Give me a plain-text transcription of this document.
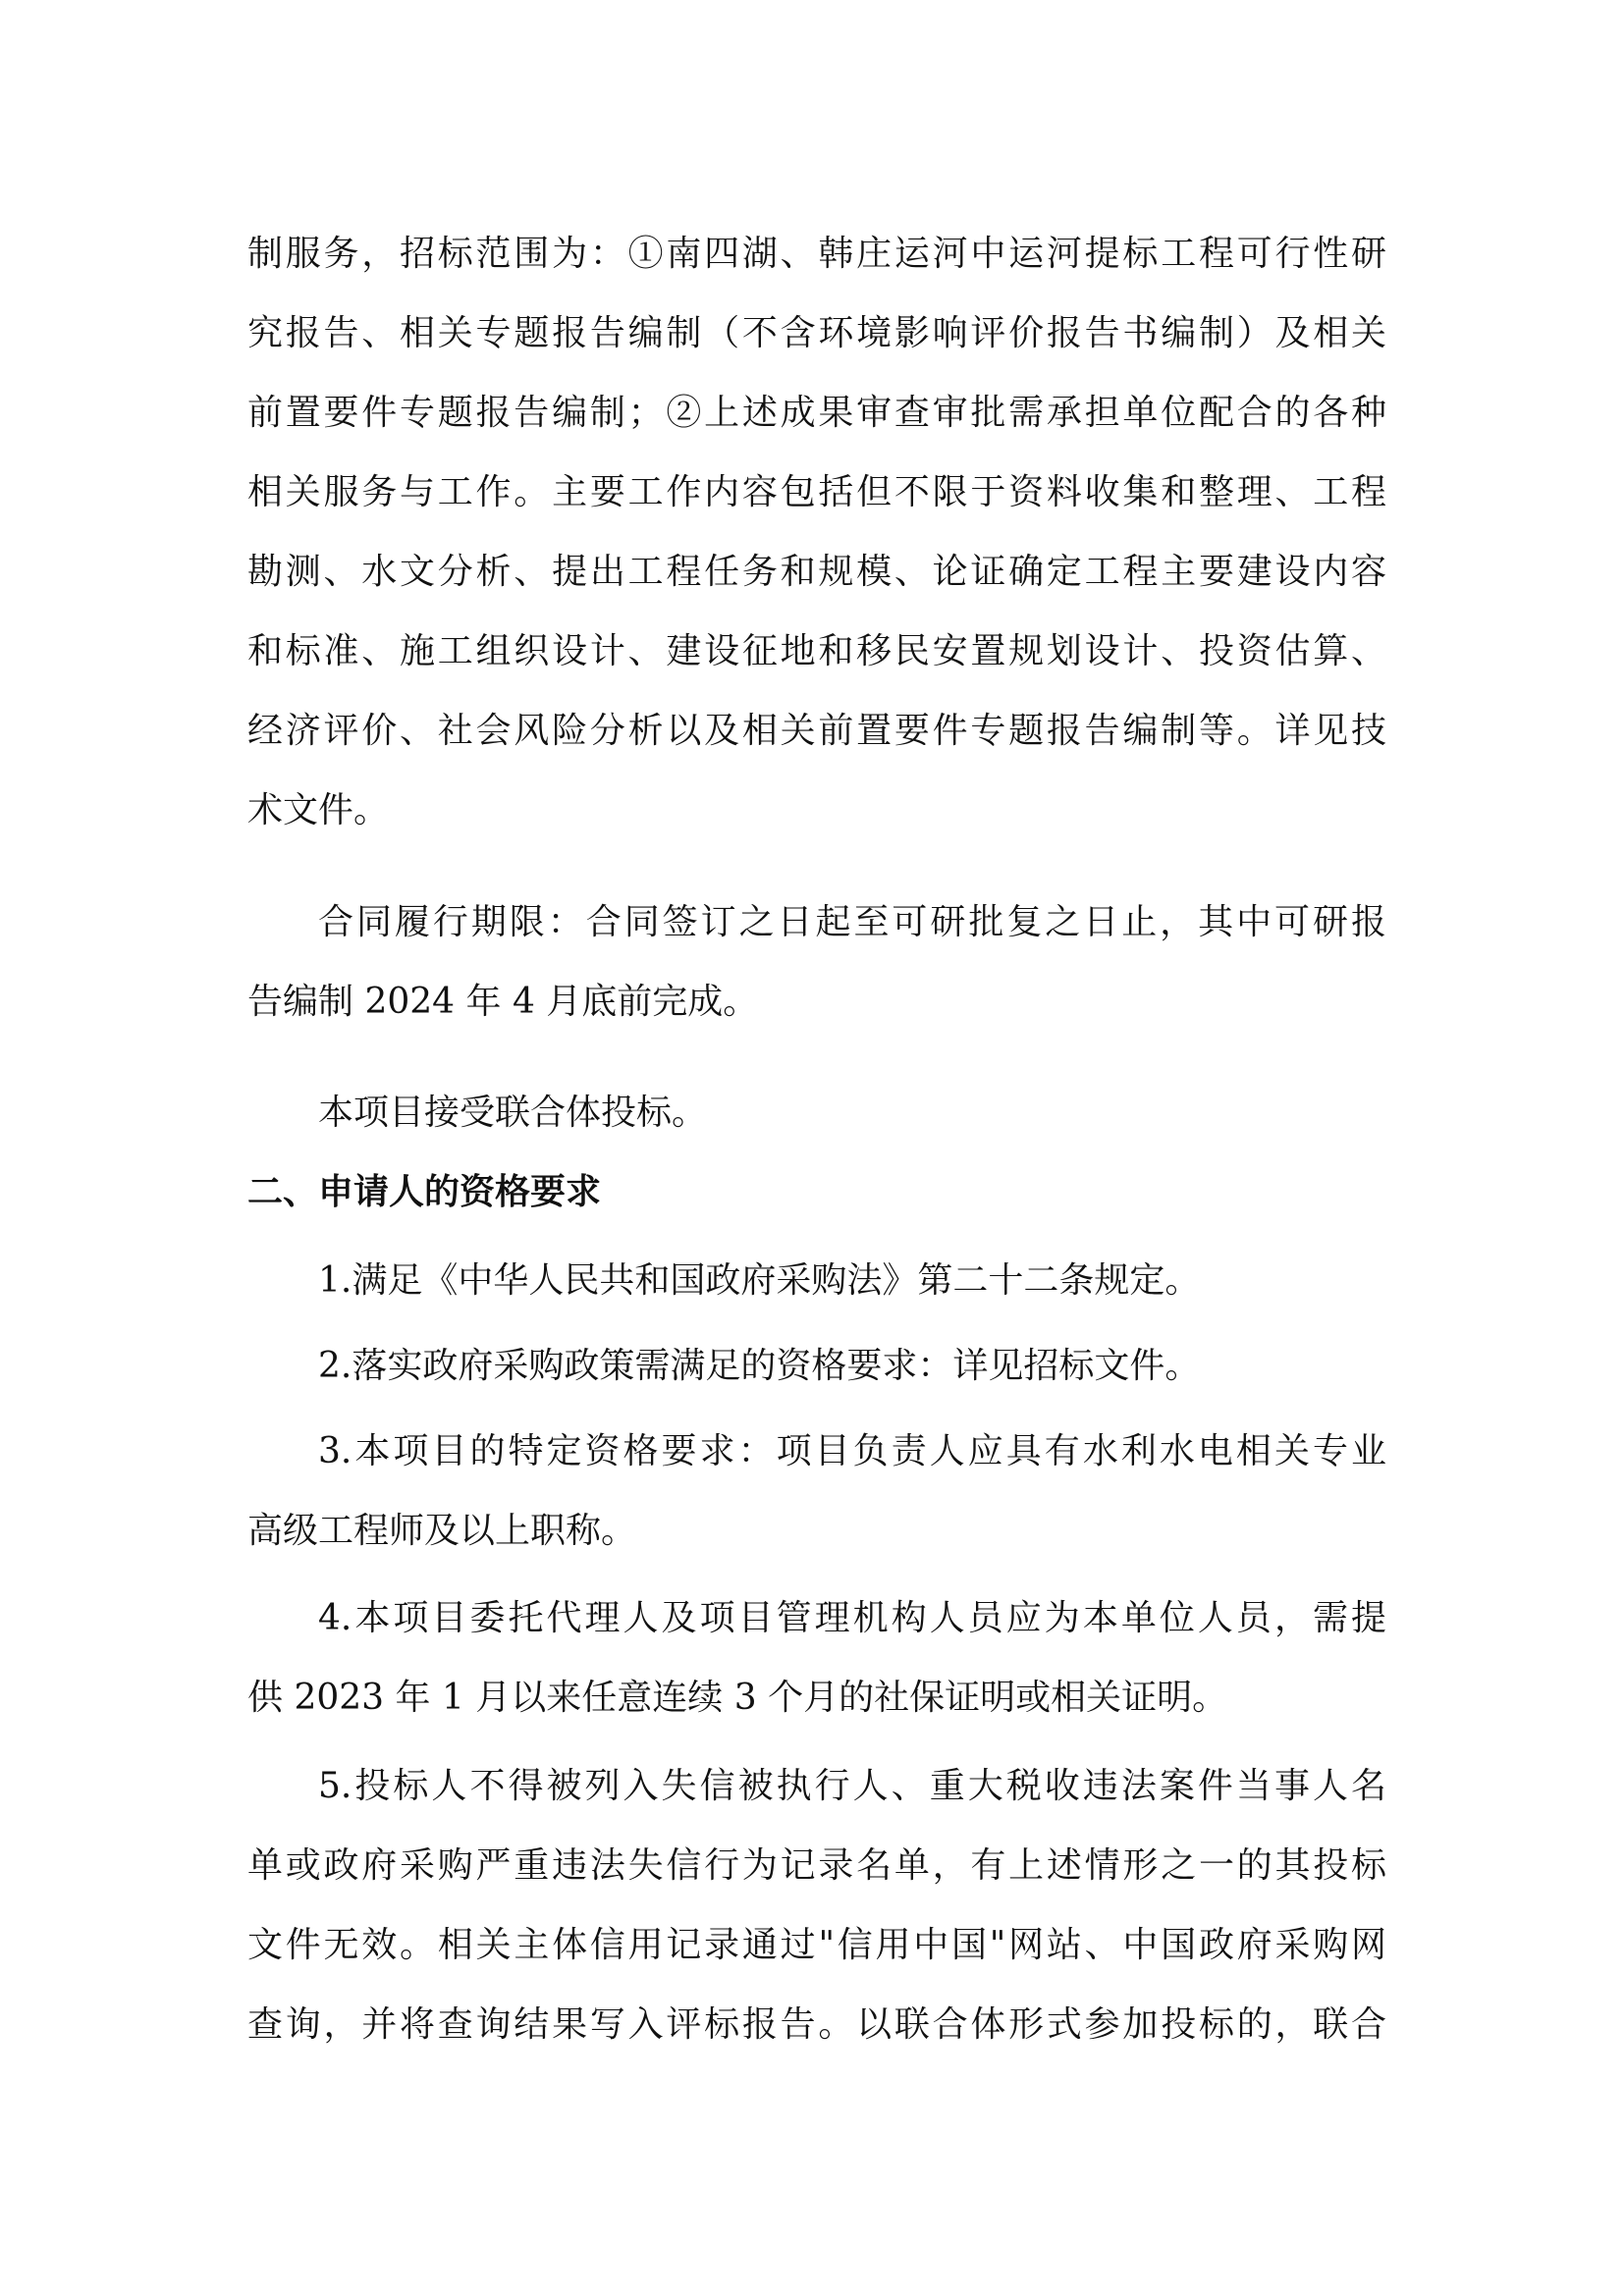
制服务，招标范围为：①南四湖、韩庄运河中运河提标工程可行性研
究报告、相关专题报告编制（不含环境影响评价报告书编制）及相关
前置要件专题报告编制；②上述成果审查审批需承担单位配合的各种
相关服务与工作。主要工作内容包括但不限于资料收集和整理、工程
勘测、水文分析、提出工程任务和规模、论证确定工程主要建设内容
和标准、施工组织设计、建设征地和移民安置规划设计、投资估算、
经济评价、社会风险分析以及相关前置要件专题报告编制等。详见技
术文件。
合同履行期限：合同签订之日起至可研批复之日止，其中可研报
告编制 2024 年 4 月底前完成。
本项目接受联合体投标。
二、申请人的资格要求
1.满足《中华人民共和国政府采购法》第二十二条规定。
2.落实政府采购政策需满足的资格要求：详见招标文件。
3.本项目的特定资格要求：项目负责人应具有水利水电相关专业
高级工程师及以上职称。
4.本项目委托代理人及项目管理机构人员应为本单位人员，需提
供 2023 年 1 月以来任意连续 3 个月的社保证明或相关证明。
5.投标人不得被列入失信被执行人、重大税收违法案件当事人名
单或政府采购严重违法失信行为记录名单，有上述情形之一的其投标
文件无效。相关主体信用记录通过"信用中国"网站、中国政府采购网
查询，并将查询结果写入评标报告。以联合体形式参加投标的，联合
